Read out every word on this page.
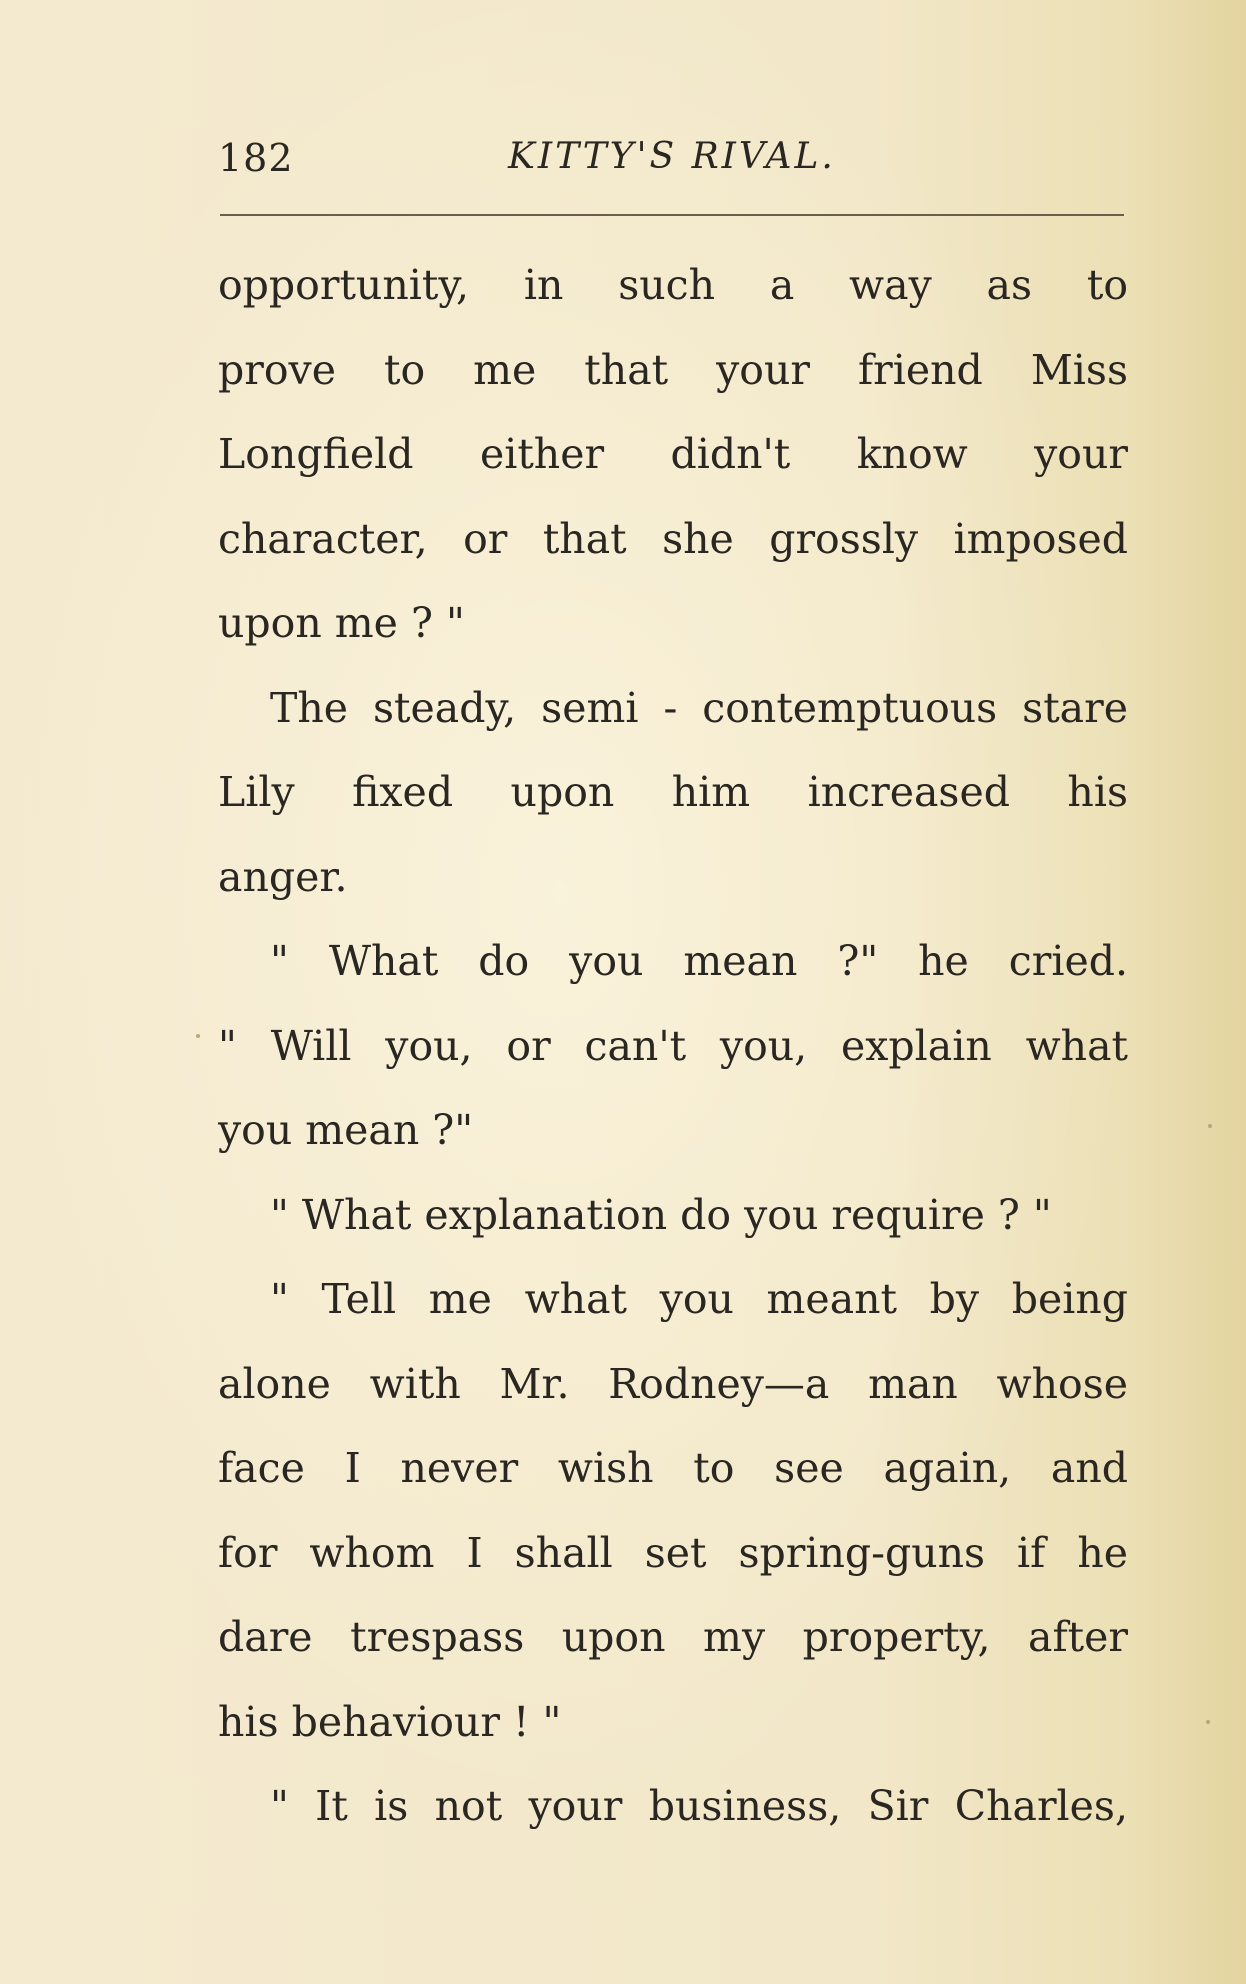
182	KITTY'S RIVAL.
opportunity, in such a way as to
prove to me that your friend Miss
Longfield either didn't know your
character, or that she grossly imposed
upon me ? "
The steady, semi - contemptuous stare
Lily fixed upon him increased his
anger.
" What do you mean ?" he cried.
" Will you, or can't you, explain what
you mean ?"
" What explanation do you require ? "
" Tell me what you meant by being
alone with Mr. Rodney—a man whose
face I never wish to see again, and
for whom I shall set spring-guns if he
dare trespass upon my property, after
his behaviour ! "
" It is not your business, Sir Charles,
